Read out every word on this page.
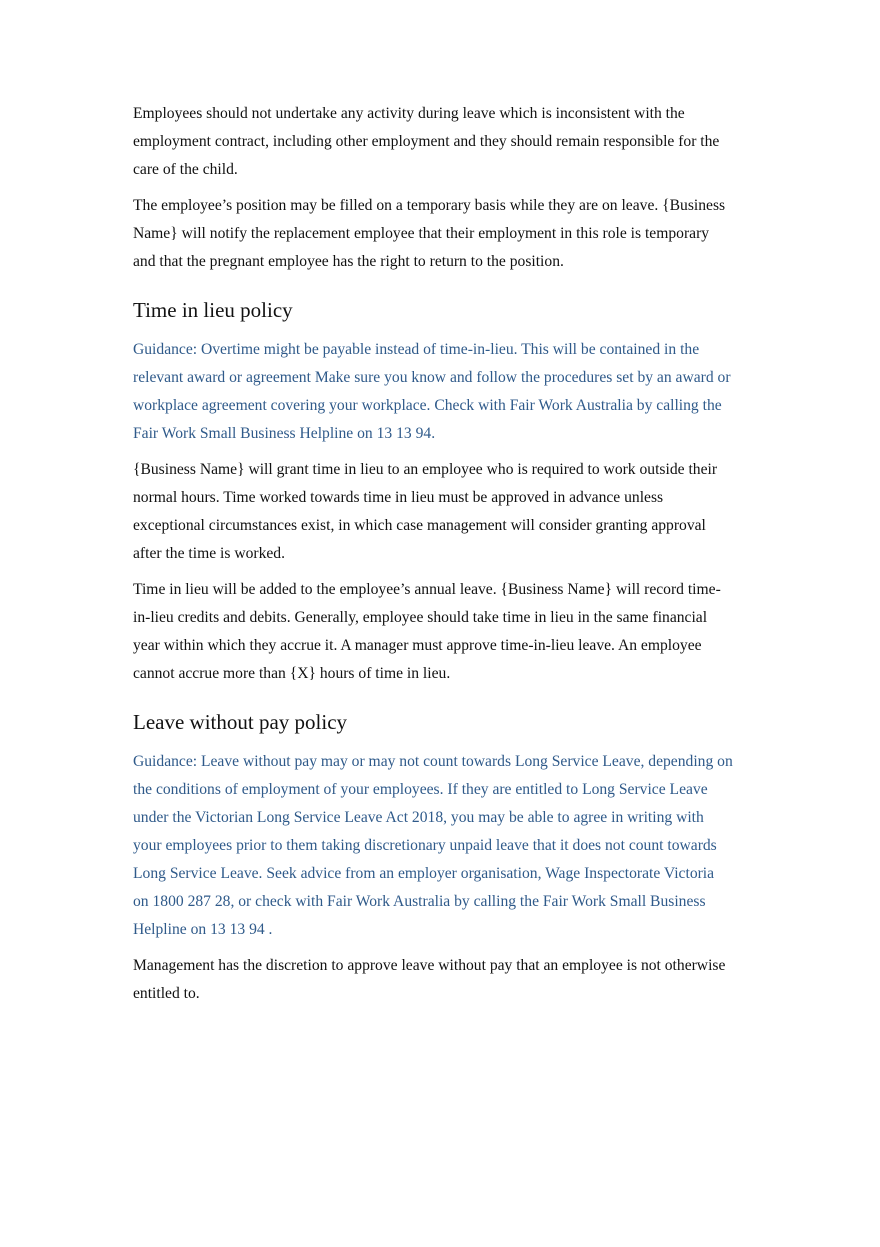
Employees should not undertake any activity during leave which is inconsistent with the employment contract, including other employment and they should remain responsible for the care of the child.

The employee’s position may be filled on a temporary basis while they are on leave. {Business Name} will notify the replacement employee that their employment in this role is temporary and that the pregnant employee has the right to return to the position.

Time in lieu policy

Guidance: Overtime might be payable instead of time-in-lieu. This will be contained in the relevant award or agreement Make sure you know and follow the procedures set by an award or workplace agreement covering your workplace. Check with Fair Work Australia by calling the Fair Work Small Business Helpline on 13 13 94.

{Business Name} will grant time in lieu to an employee who is required to work outside their normal hours. Time worked towards time in lieu must be approved in advance unless exceptional circumstances exist, in which case management will consider granting approval after the time is worked.

Time in lieu will be added to the employee’s annual leave. {Business Name} will record time-in-lieu credits and debits. Generally, employee should take time in lieu in the same financial year within which they accrue it. A manager must approve time-in-lieu leave. An employee cannot accrue more than {X} hours of time in lieu.

Leave without pay policy

Guidance: Leave without pay may or may not count towards Long Service Leave, depending on the conditions of employment of your employees. If they are entitled to Long Service Leave under the Victorian Long Service Leave Act 2018, you may be able to agree in writing with your employees prior to them taking discretionary unpaid leave that it does not count towards Long Service Leave. Seek advice from an employer organisation, Wage Inspectorate Victoria on 1800 287 28, or check with Fair Work Australia by calling the Fair Work Small Business Helpline on 13 13 94 .

Management has the discretion to approve leave without pay that an employee is not otherwise entitled to.
